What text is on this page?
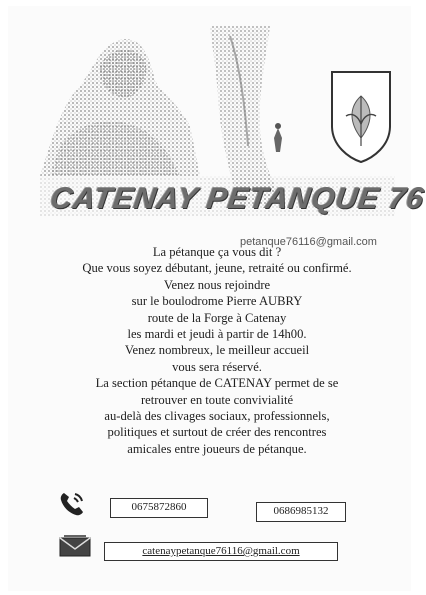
CATENAY PETANQUE 76
petanque76116@gmail.com
La pétanque ça vous dit ?
Que vous soyez débutant, jeune, retraité ou confirmé.
Venez nous rejoindre
sur le boulodrome Pierre AUBRY
route de la Forge à Catenay
les mardi et jeudi à partir de 14h00.
Venez nombreux, le meilleur accueil
vous sera réservé.
La section pétanque de CATENAY permet de se
retrouver en toute convivialité
au-delà des clivages sociaux, professionnels,
politiques et surtout de créer des rencontres
amicales entre joueurs de pétanque.
0675872860	0686985132
catenaypetanque76116@gmail.com
